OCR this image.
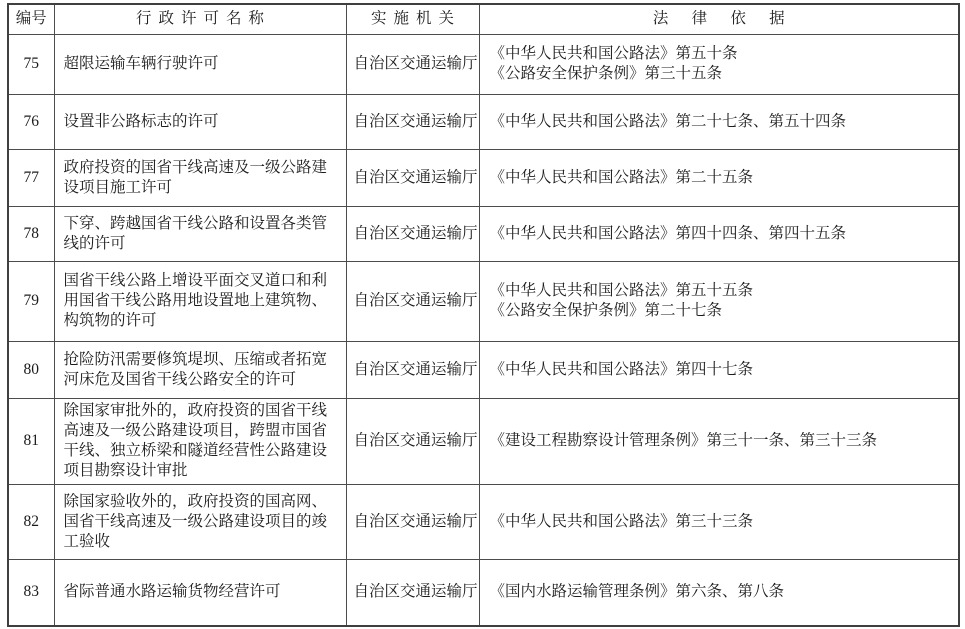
编号	行政许可名称	实施机关	法律依据
75	超限运输车辆行驶许可	自治区交通运输厅	《中华人民共和国公路法》第五十条
《公路安全保护条例》第三十五条

76	设置非公路标志的许可	自治区交通运输厅	《中华人民共和国公路法》第二十七条、第五十四条

77	政府投资的国省干线高速及一级公路建设项目施工许可	自治区交通运输厅	《中华人民共和国公路法》第二十五条

78	下穿、跨越国省干线公路和设置各类管线的许可	自治区交通运输厅	《中华人民共和国公路法》第四十四条、第四十五条

79	国省干线公路上增设平面交叉道口和利用国省干线公路用地设置地上建筑物、构筑物的许可	自治区交通运输厅	《中华人民共和国公路法》第五十五条
《公路安全保护条例》第二十七条

80	抢险防汛需要修筑堤坝、压缩或者拓宽河床危及国省干线公路安全的许可	自治区交通运输厅	《中华人民共和国公路法》第四十七条

81	除国家审批外的，政府投资的国省干线高速及一级公路建设项目，跨盟市国省干线、独立桥梁和隧道经营性公路建设项目勘察设计审批	自治区交通运输厅	《建设工程勘察设计管理条例》第三十一条、第三十三条

82	除国家验收外的，政府投资的国高网、国省干线高速及一级公路建设项目的竣工验收	自治区交通运输厅	《中华人民共和国公路法》第三十三条

83	省际普通水路运输货物经营许可	自治区交通运输厅	《国内水路运输管理条例》第六条、第八条
